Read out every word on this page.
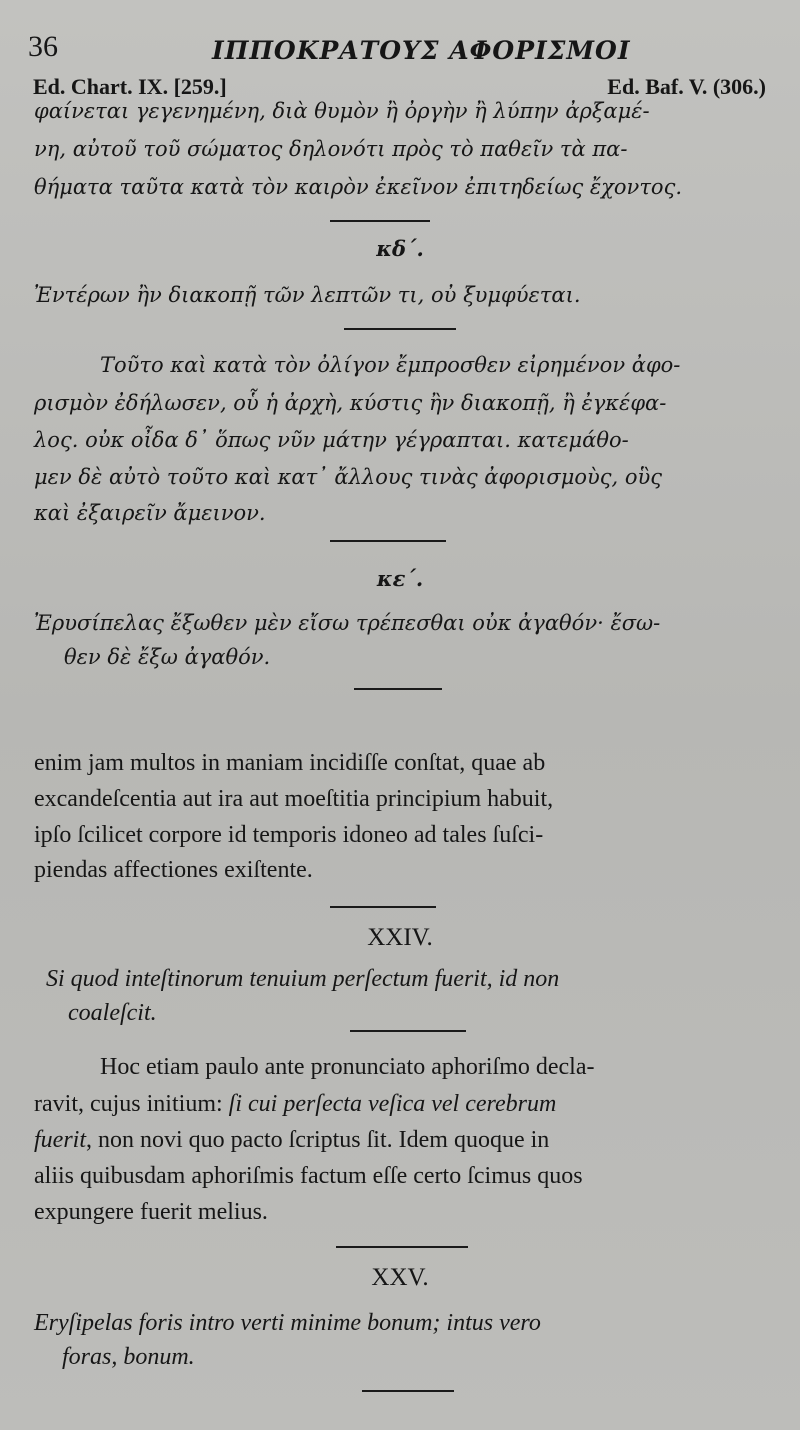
36	ΙΠΠΟΚΡΑΤΟΥΣ ΑΦΟΡΙΣΜΟΙ
Ed. Chart. IX. [259.]	Ed. Baf. V. (306.)
φαίνεται γεγενημένη, διὰ θυμὸν ἢ ὀργὴν ἢ λύπην ἀρξαμέ-
νη, αὐτοῦ τοῦ σώματος δηλονότι πρὸς τὸ παθεῖν τὰ πα-
θήματα ταῦτα κατὰ τὸν καιρὸν ἐκεῖνον ἐπιτηδείως ἔχοντος.
κδ΄.
Ἐντέρων ἢν διακοπῇ τῶν λεπτῶν τι, οὐ ξυμφύεται.
Τοῦτο καὶ κατὰ τὸν ὀλίγον ἔμπροσθεν εἰρημένον ἀφο-
ρισμὸν ἐδήλωσεν, οὗ ἡ ἀρχὴ, κύστις ἢν διακοπῇ, ἢ ἐγκέφα-
λος. οὐκ οἶδα δ᾽ ὅπως νῦν μάτην γέγραπται. κατεμάθο-
μεν δὲ αὐτὸ τοῦτο καὶ κατ᾽ ἄλλους τινὰς ἀφορισμοὺς, οὓς
καὶ ἐξαιρεῖν ἄμεινον.
κε΄.
Ἐρυσίπελας ἔξωθεν μὲν εἴσω τρέπεσθαι οὐκ ἀγαθόν· ἔσω-
θεν δὲ ἔξω ἀγαθόν.
enim jam multos in maniam incidiſſe conſtat, quae ab
excandeſcentia aut ira aut moeſtitia principium habuit,
ipſo ſcilicet corpore id temporis idoneo ad tales ſuſci-
piendas affectiones exiſtente.
XXIV.
Si quod inteſtinorum tenuium perſectum fuerit, id non
coaleſcit.
Hoc etiam paulo ante pronunciato aphoriſmo decla-
ravit, cujus initium: ſi cui perſecta veſica vel cerebrum
fuerit, non novi quo pacto ſcriptus ſit. Idem quoque in
aliis quibusdam aphoriſmis factum eſſe certo ſcimus quos
expungere fuerit melius.
XXV.
Eryſipelas foris intro verti minime bonum; intus vero
foras, bonum.
